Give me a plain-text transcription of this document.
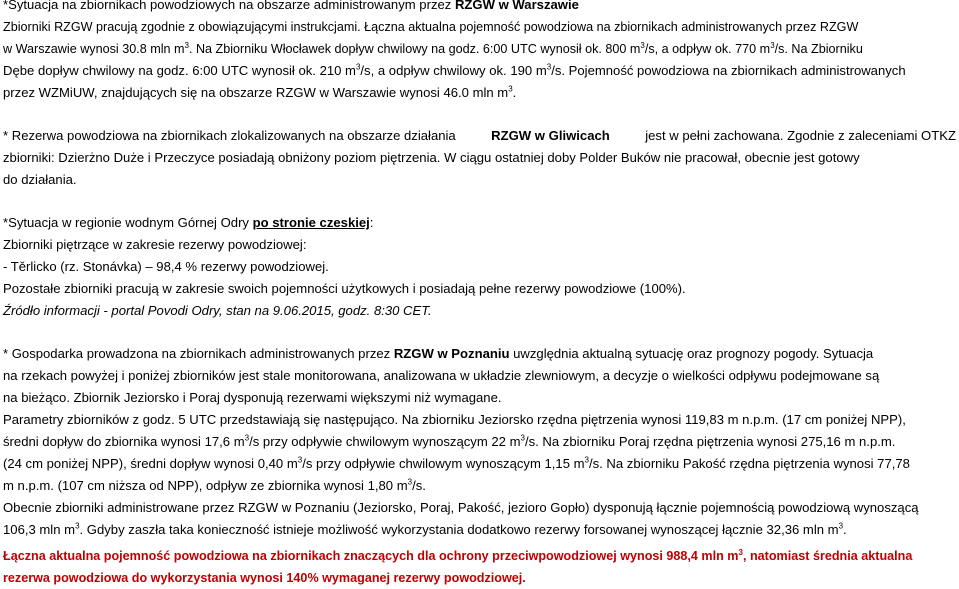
*Sytuacja na zbiornikach powodziowych na obszarze administrowanym przez RZGW w Warszawie
Zbiorniki RZGW pracują zgodnie z obowiązującymi instrukcjami. Łączna aktualna pojemność powodziowa na zbiornikach administrowanych przez RZGW
w Warszawie wynosi 30.8 mln $m^3$. Na Zbiorniku Włocławek dopływ chwilowy na godz. 6:00 UTC wynosił ok. 800 $m^3/s$, a odpływ ok. 770 $m^3/s$. Na Zbiorniku
Dębe dopływ chwilowy na godz. 6:00 UTC wynosił ok. 210 $m^3/s$, a odpływ chwilowy ok. 190 $m^3/s$. Pojemność powodziowa na zbiornikach administrowanych
przez WZMiUW, znajdujących się na obszarze RZGW w Warszawie wynosi 46.0 mln $m^3$.
* Rezerwa powodziowa na zbiornikach zlokalizowanych na obszarze działania RZGW w Gliwicach jest w pełni zachowana. Zgodnie z zaleceniami OTKZ
zbiorniki: Dzierżno Duże i Przeczyce posiadają obniżony poziom piętrzenia. W ciągu ostatniej doby Polder Buków nie pracował, obecnie jest gotowy
do działania.
*Sytuacja w regionie wodnym Górnej Odry po stronie czeskiej:
Zbiorniki piętrzące w zakresie rezerwy powodziowej:
- Těrlicko (rz. Stonávka) – 98,4 % rezerwy powodziowej.
Pozostałe zbiorniki pracują w zakresie swoich pojemności użytkowych i posiadają pełne rezerwy powodziowe (100%).
Źródło informacji - portal Povodi Odry, stan na 9.06.2015, godz. 8:30 CET.
* Gospodarka prowadzona na zbiornikach administrowanych przez RZGW w Poznaniu uwzględnia aktualną sytuację oraz prognozy pogody. Sytuacja
na rzekach powyżej i poniżej zbiorników jest stale monitorowana, analizowana w układzie zlewniowym, a decyzje o wielkości odpływu podejmowane są
na bieżąco. Zbiornik Jeziorsko i Poraj dysponują rezerwami większymi niż wymagane.
Parametry zbiorników z godz. 5 UTC przedstawiają się następująco. Na zbiorniku Jeziorsko rzędna piętrzenia wynosi 119,83 m n.p.m. (17 cm poniżej NPP),
średni dopływ do zbiornika wynosi 17,6 $m^3/s$ przy odpływie chwilowym wynoszącym 22 $m^3/s$. Na zbiorniku Poraj rzędna piętrzenia wynosi 275,16 m n.p.m.
(24 cm poniżej NPP), średni dopływ wynosi 0,40 $m^3/s$ przy odpływie chwilowym wynoszącym 1,15 $m^3/s$. Na zbiorniku Pakość rzędna piętrzenia wynosi 77,78
m n.p.m. (107 cm niższa od NPP), odpływ ze zbiornika wynosi 1,80 $m^3/s$.
Obecnie zbiorniki administrowane przez RZGW w Poznaniu (Jeziorsko, Poraj, Pakość, jezioro Gopło) dysponują łącznie pojemnością powodziową wynoszącą
106,3 mln $m^3$. Gdyby zaszła taka konieczność istnieje możliwość wykorzystania dodatkowo rezerwy forsowanej wynoszącej łącznie 32,36 mln $m^3$.
Łączna aktualna pojemność powodziowa na zbiornikach znaczących dla ochrony przeciwpowodziowej wynosi 988,4 mln $m^3$, natomiast średnia aktualna
rezerwa powodziowa do wykorzystania wynosi 140% wymaganej rezerwy powodziowej.
